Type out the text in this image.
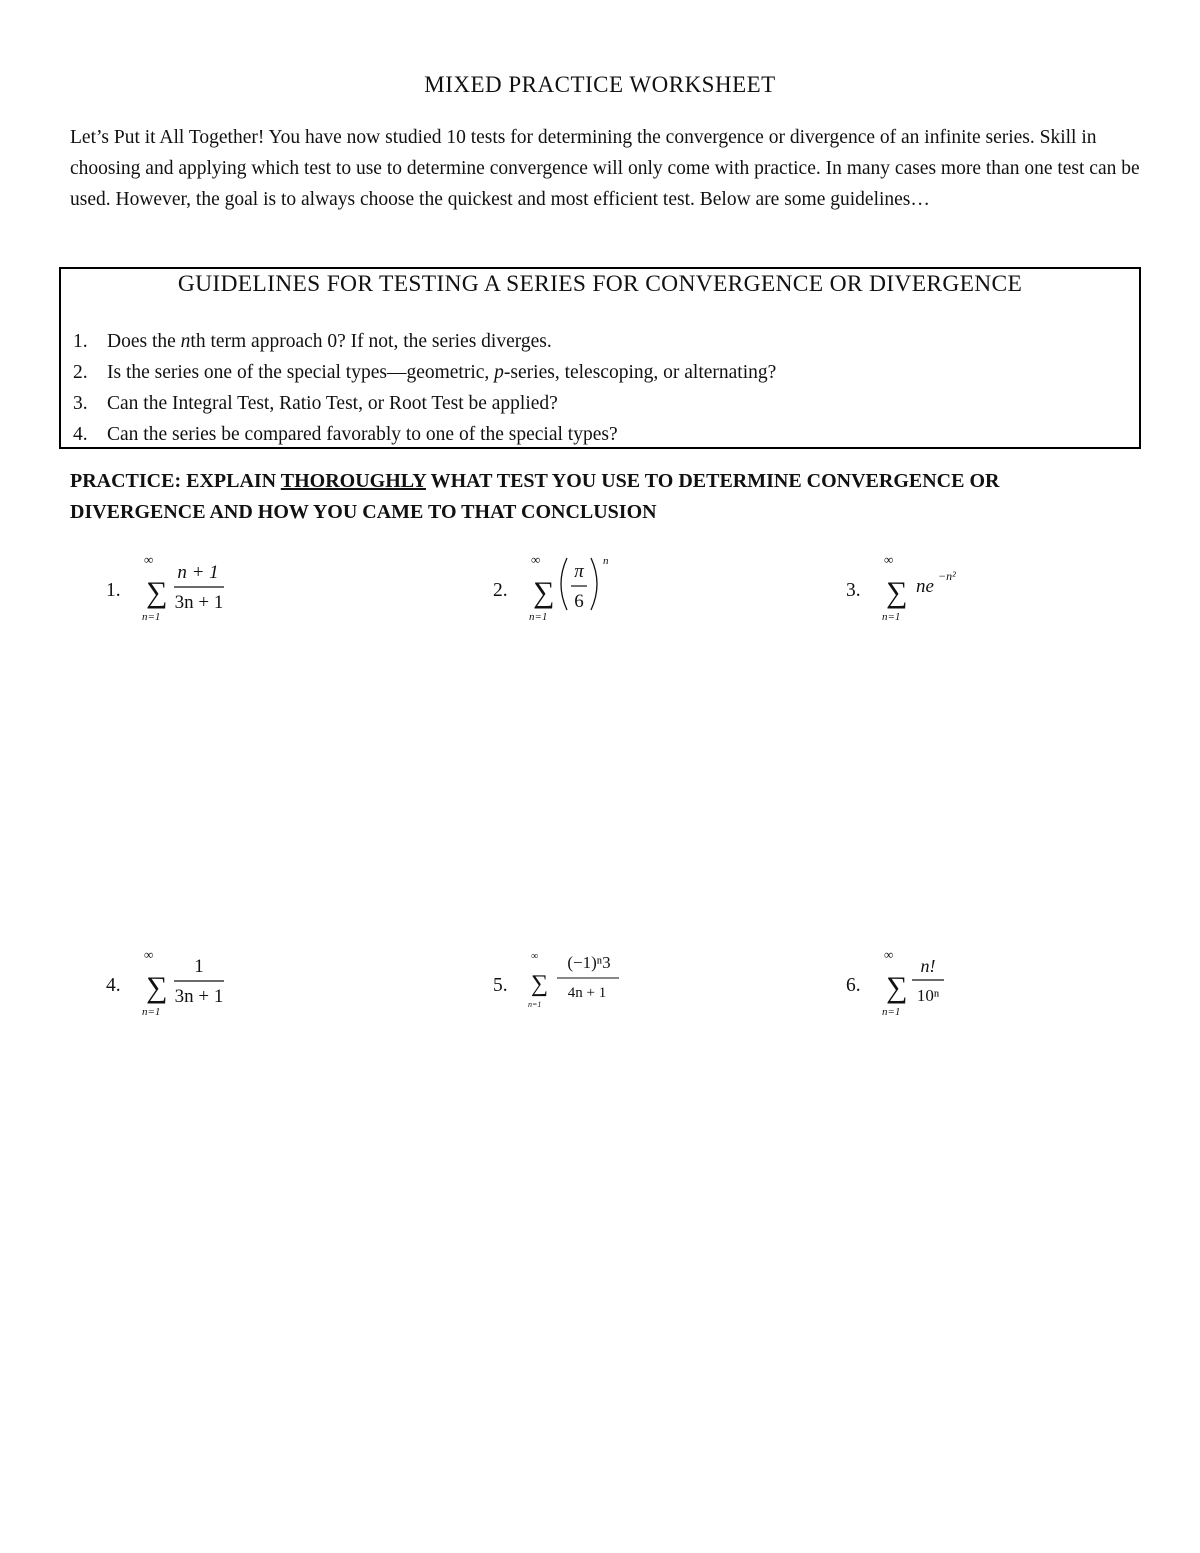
MIXED PRACTICE WORKSHEET
Let’s Put it All Together! You have now studied 10 tests for determining the convergence or divergence of an infinite series. Skill in choosing and applying which test to use to determine convergence will only come with practice. In many cases more than one test can be used. However, the goal is to always choose the quickest and most efficient test. Below are some guidelines…
GUIDELINES FOR TESTING A SERIES FOR CONVERGENCE OR DIVERGENCE
1. Does the nth term approach 0? If not, the series diverges.
2. Is the series one of the special types—geometric, p-series, telescoping, or alternating?
3. Can the Integral Test, Ratio Test, or Root Test be applied?
4. Can the series be compared favorably to one of the special types?
PRACTICE: EXPLAIN THOROUGHLY WHAT TEST YOU USE TO DETERMINE CONVERGENCE OR DIVERGENCE AND HOW YOU CAME TO THAT CONCLUSION
1.
∞
∑
n=1
n + 1
3n + 1
2.
∞
∑
n=1
π
6
n
3.
∞
∑
n=1
ne −n²
4.
∞
∑
n=1
1
3n + 1
5.
∞
∑
n=1
(−1)ⁿ3
4n + 1	6.
∞
∑
n=1
n!
10ⁿ
